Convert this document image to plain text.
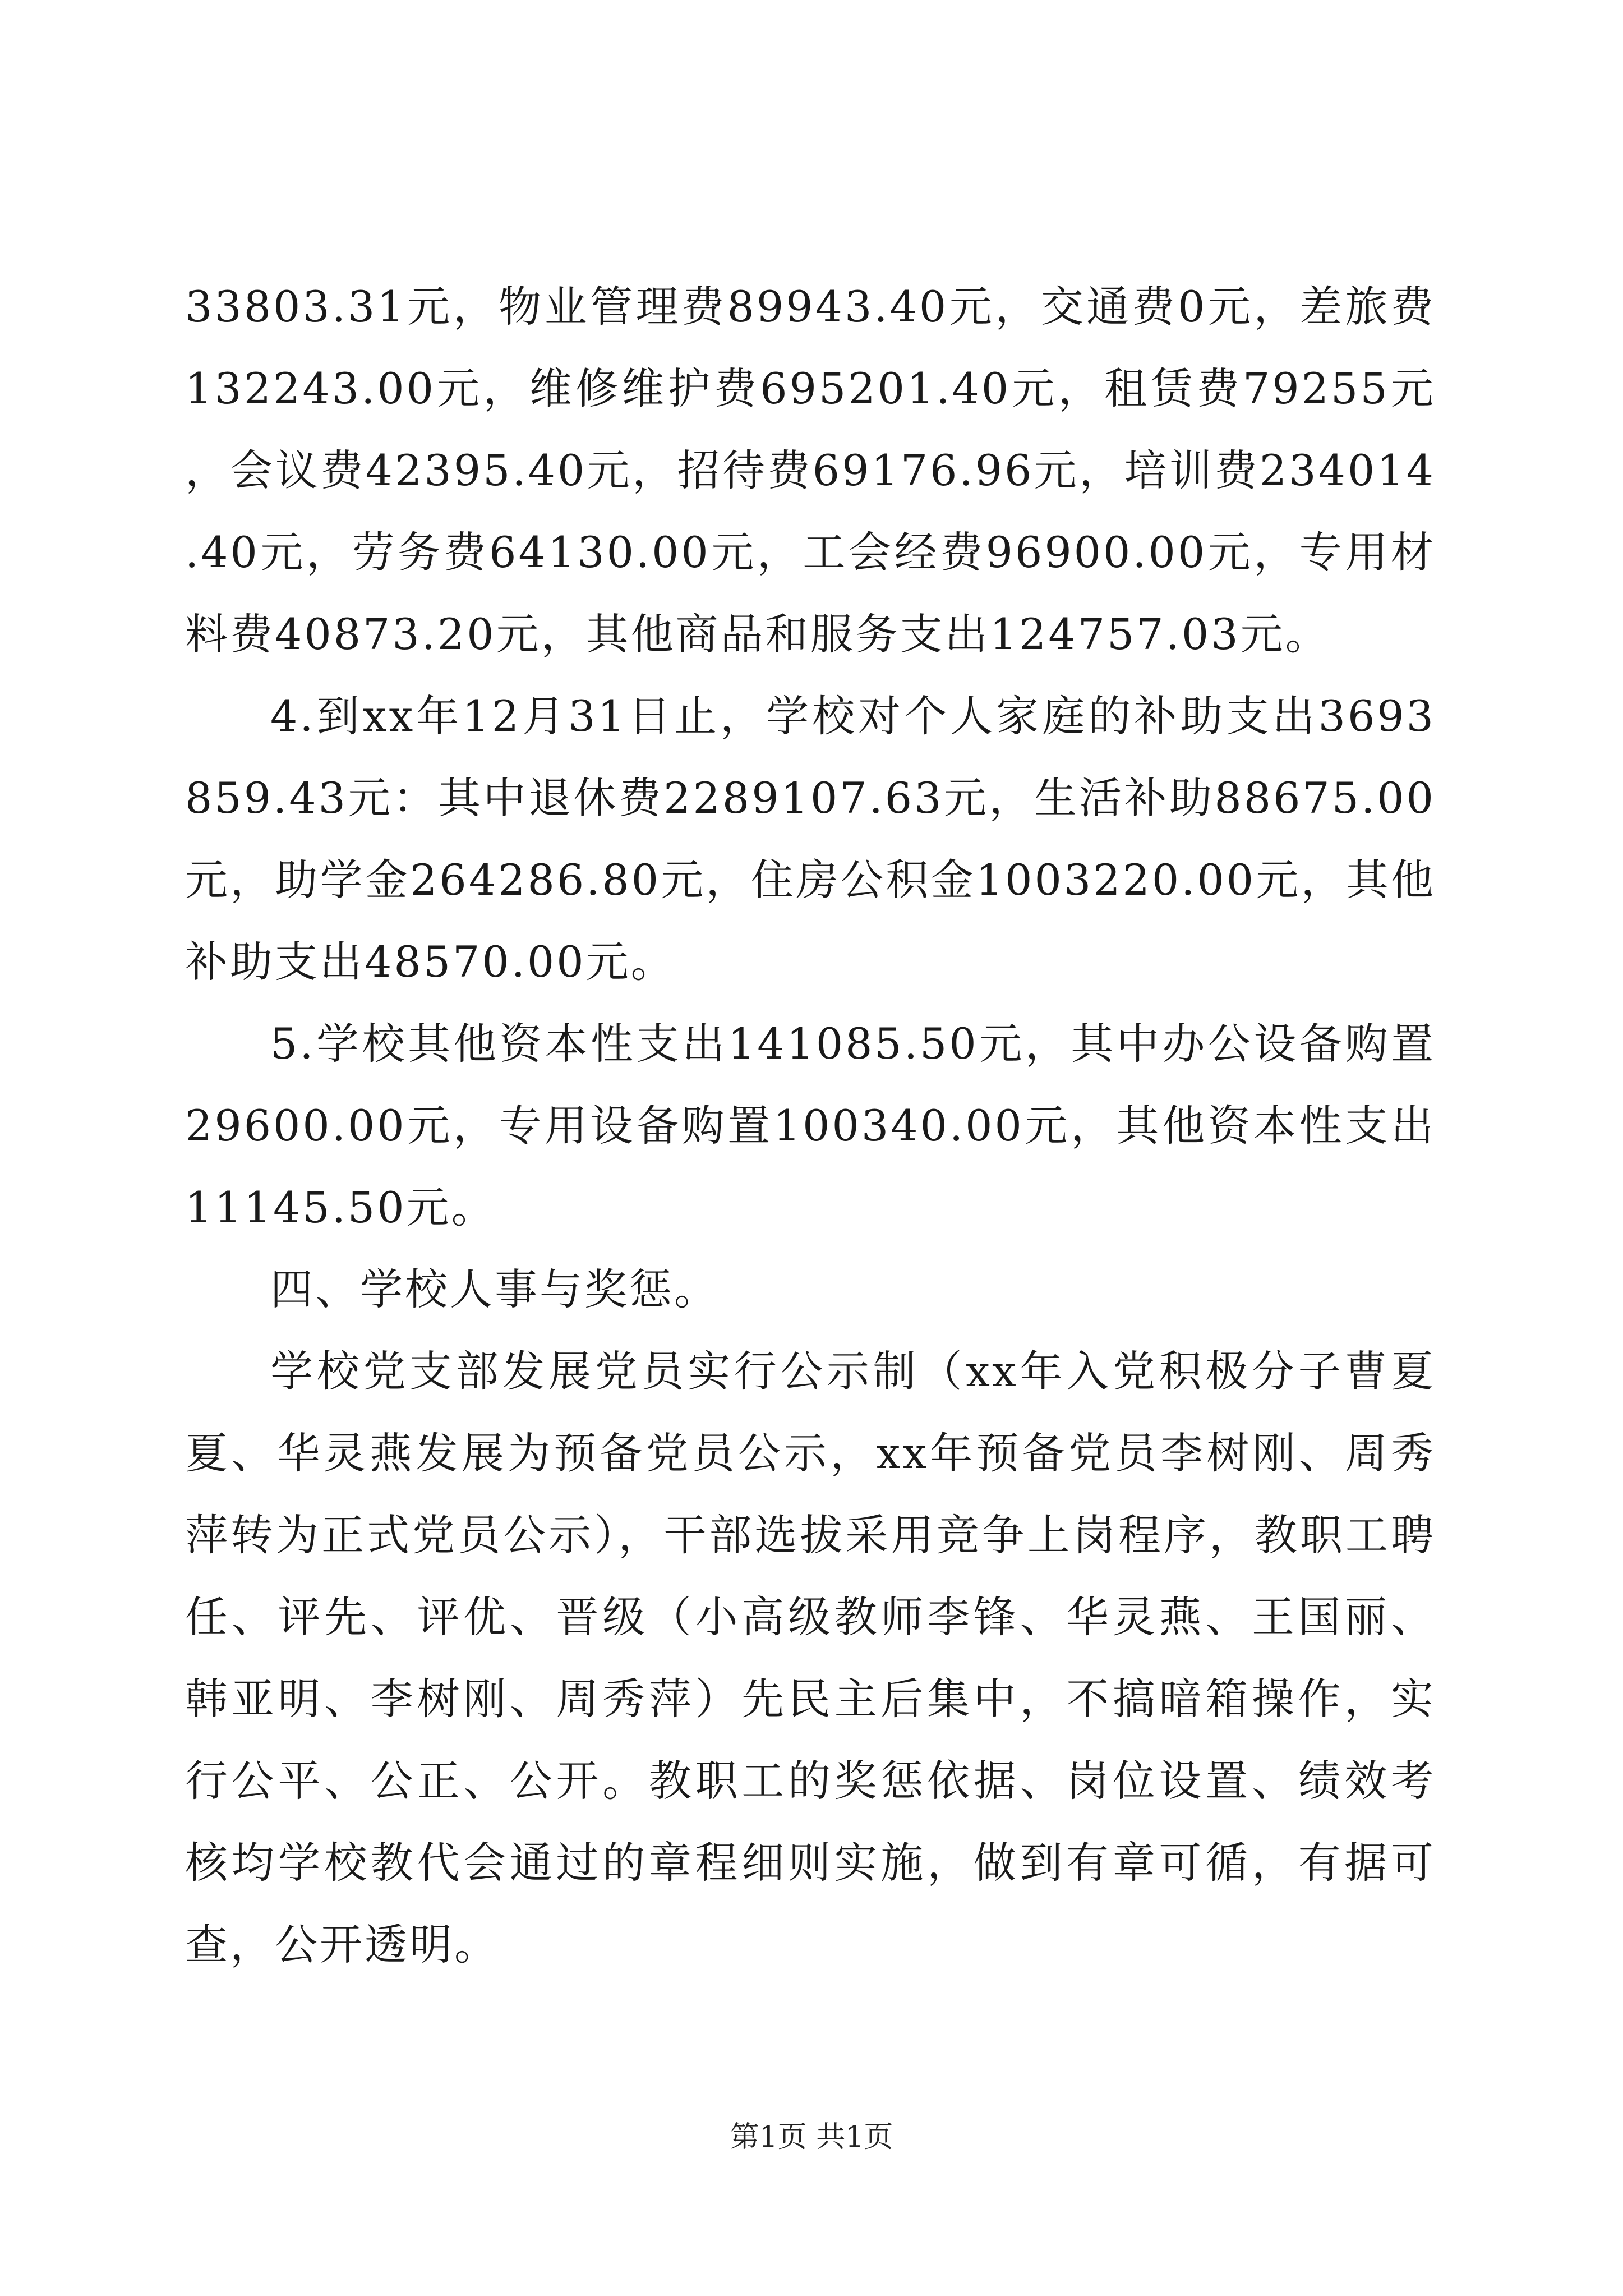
33803.31元，物业管理费89943.40元，交通费0元，差旅费132243.00元，维修维护费695201.40元，租赁费79255元，会议费42395.40元，招待费69176.96元，培训费234014.40元，劳务费64130.00元，工会经费96900.00元，专用材料费40873.20元，其他商品和服务支出124757.03元。

4.到xx年12月31日止，学校对个人家庭的补助支出3693859.43元：其中退休费2289107.63元，生活补助88675.00元，助学金264286.80元，住房公积金1003220.00元，其他补助支出48570.00元。

5.学校其他资本性支出141085.50元，其中办公设备购置29600.00元，专用设备购置100340.00元，其他资本性支出11145.50元。

四、学校人事与奖惩。

学校党支部发展党员实行公示制（xx年入党积极分子曹夏夏、华灵燕发展为预备党员公示，xx年预备党员李树刚、周秀萍转为正式党员公示），干部选拔采用竞争上岗程序，教职工聘任、评先、评优、晋级（小高级教师李锋、华灵燕、王国丽、韩亚明、李树刚、周秀萍）先民主后集中，不搞暗箱操作，实行公平、公正、公开。教职工的奖惩依据、岗位设置、绩效考核均学校教代会通过的章程细则实施，做到有章可循，有据可查，公开透明。

第1页 共1页
